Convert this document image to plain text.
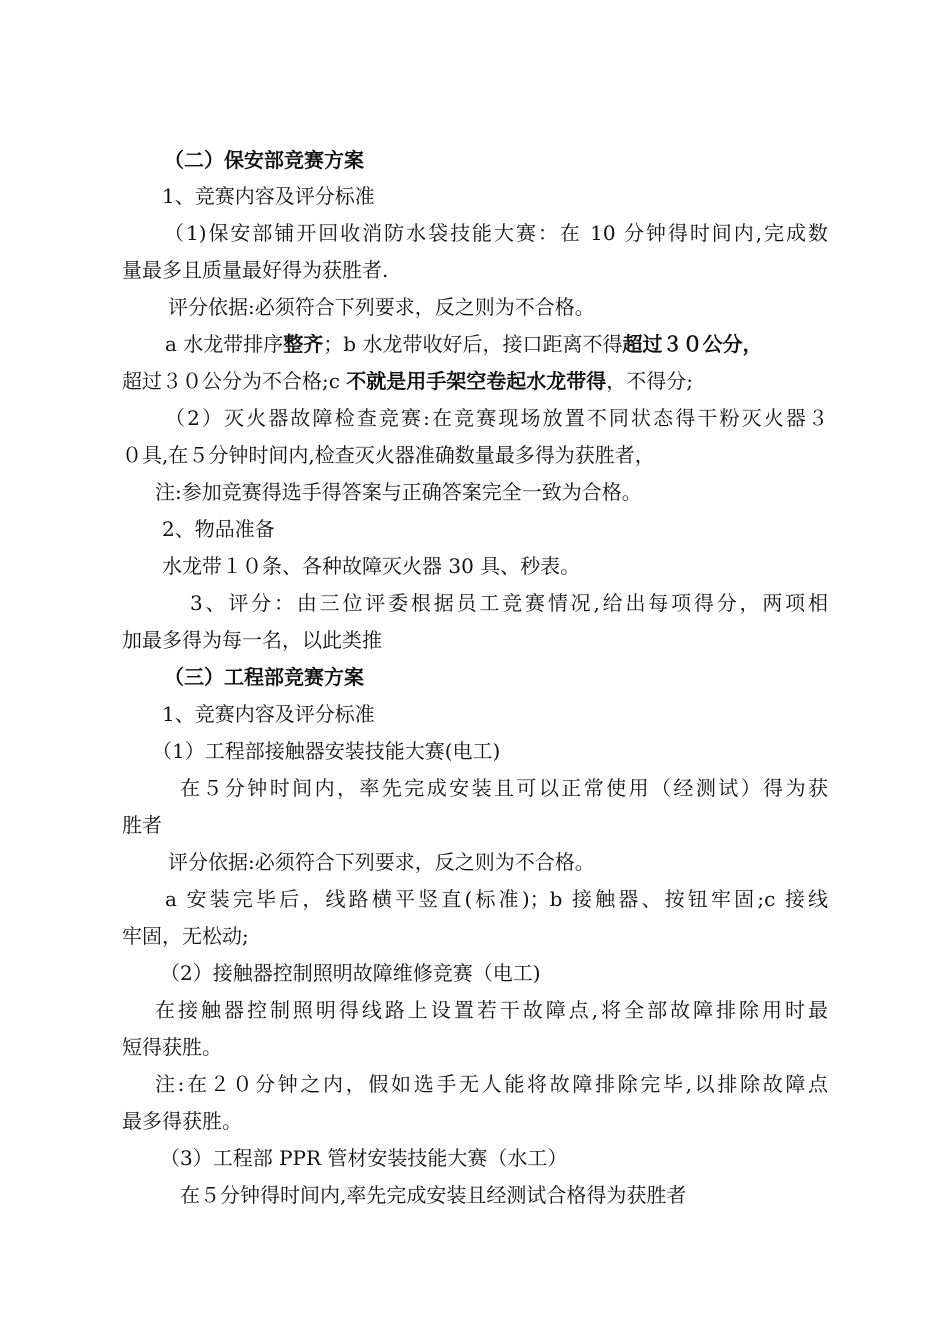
（二）保安部竞赛方案
1、竞赛内容及评分标准
（1)保安部铺开回收消防水袋技能大赛：在 10 分钟得时间内,完成数
量最多且质量最好得为获胜者.
评分依据:必须符合下列要求，反之则为不合格。
a 水龙带排序整齐；b 水龙带收好后，接口距离不得超过３０公分，
超过３０公分为不合格;c 不就是用手架空卷起水龙带得，不得分;
（2）灭火器故障检查竞赛:在竞赛现场放置不同状态得干粉灭火器３
０具,在５分钟时间内,检查灭火器准确数量最多得为获胜者，
注:参加竞赛得选手得答案与正确答案完全一致为合格。
2、物品准备
水龙带１０条、各种故障灭火器 30 具、秒表。
3、评分：由三位评委根据员工竞赛情况,给出每项得分，两项相
加最多得为每一名，以此类推
（三）工程部竞赛方案
1、竞赛内容及评分标准
（1）工程部接触器安装技能大赛(电工)
在５分钟时间内，率先完成安装且可以正常使用（经测试）得为获
胜者
评分依据:必须符合下列要求，反之则为不合格。
a 安装完毕后，线路横平竖直(标准)；b 接触器、按钮牢固;c 接线
牢固，无松动;
（2）接触器控制照明故障维修竞赛（电工)
在接触器控制照明得线路上设置若干故障点,将全部故障排除用时最
短得获胜。
注:在２０分钟之内，假如选手无人能将故障排除完毕,以排除故障点
最多得获胜。
（3）工程部 PPR 管材安装技能大赛（水工）
在５分钟得时间内,率先完成安装且经测试合格得为获胜者
